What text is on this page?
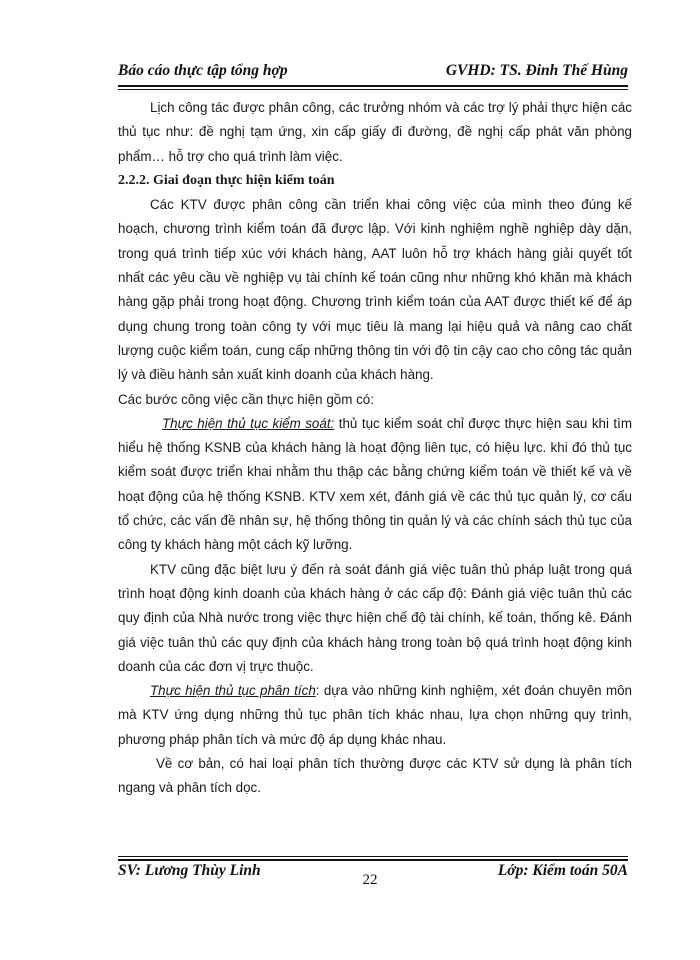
Báo cáo thực tập tổng hợp	GVHD: TS. Đinh Thế Hùng

Lịch công tác được phân công, các trưởng nhóm và các trợ lý phải thực hiện các thủ tục như: đề nghị tạm ứng, xin cấp giấy đi đường, đề nghị cấp phát văn phòng phẩm… hỗ trợ cho quá trình làm việc.

2.2.2. Giai đoạn thực hiện kiểm toán

Các KTV được phân công cần triển khai công việc của mình theo đúng kế hoạch, chương trình kiểm toán đã được lập. Với kinh nghiệm nghề nghiệp dày dặn, trong quá trình tiếp xúc với khách hàng, AAT luôn hỗ trợ khách hàng giải quyết tốt nhất các yêu cầu về nghiệp vụ tài chính kế toán cũng như những khó khăn mà khách hàng gặp phải trong hoạt động. Chương trình kiểm toán của AAT được thiết kế để áp dụng chung trong toàn công ty với mục tiêu là mang lại hiệu quả và nâng cao chất lượng cuộc kiểm toán, cung cấp những thông tin với độ tin cậy cao cho công tác quản lý và điều hành sản xuất kinh doanh của khách hàng.

Các bước công việc cần thực hiện gồm có:

Thực hiện thủ tục kiểm soát: thủ tục kiểm soát chỉ được thực hiện sau khi tìm hiểu hệ thống KSNB của khách hàng là hoạt động liên tục, có hiệu lực. khi đó thủ tục kiểm soát được triển khai nhằm thu thập các bằng chứng kiểm toán về thiết kế và về hoạt động của hệ thống KSNB. KTV xem xét, đánh giá về các thủ tục quản lý, cơ cấu tổ chức, các vấn đề nhân sự, hệ thống thông tin quản lý và các chính sách thủ tục của công ty khách hàng một cách kỹ lưỡng.

KTV cũng đặc biệt lưu ý đến rà soát đánh giá việc tuân thủ pháp luật trong quá trình hoạt động kinh doanh của khách hàng ở các cấp độ: Đánh giá việc tuân thủ các quy định của Nhà nước trong việc thực hiện chế độ tài chính, kế toán, thống kê. Đánh giá việc tuân thủ các quy định của khách hàng trong toàn bộ quá trình hoạt động kinh doanh của các đơn vị trực thuộc.

Thực hiện thủ tục phân tích: dựa vào những kinh nghiệm, xét đoán chuyên môn mà KTV ứng dụng những thủ tục phân tích khác nhau, lựa chọn những quy trình, phương pháp phân tích và mức độ áp dụng khác nhau.

Về cơ bản, có hai loại phân tích thường được các KTV sử dụng là phân tích ngang và phân tích dọc.

SV: Lương Thùy Linh	Lớp: Kiểm toán 50A
22
